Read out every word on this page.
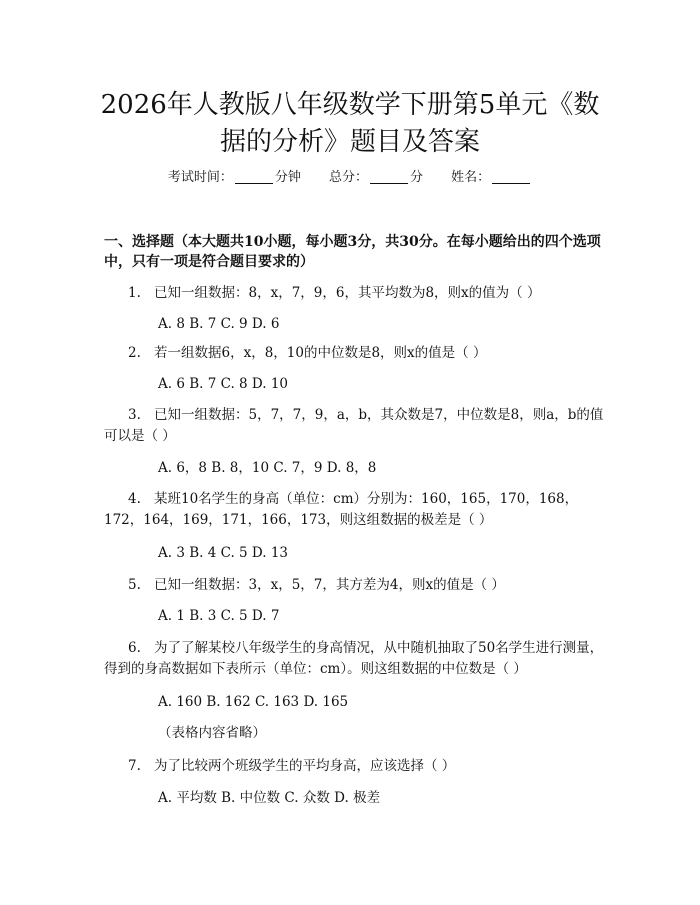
2026年人教版八年级数学下册第5单元《数
据的分析》题目及答案
考试时间：	分钟 总分：	分 姓名：
一、选择题（本大题共10小题，每小题3分，共30分。在每小题给出的四个选项中，只有一项是符合题目要求的）
1. 已知一组数据：8，x，7，9，6，其平均数为8，则x的值为（ ）
A. 8 B. 7 C. 9 D. 6
2. 若一组数据6，x，8，10的中位数是8，则x的值是（ ）
A. 6 B. 7 C. 8 D. 10
3. 已知一组数据：5，7，7，9，a，b，其众数是7，中位数是8，则a，b的值可以是（ ）
A. 6，8 B. 8，10 C. 7，9 D. 8，8
4. 某班10名学生的身高（单位：cm）分别为：160，165，170，168，172，164，169，171，166，173，则这组数据的极差是（ ）
A. 3 B. 4 C. 5 D. 13
5. 已知一组数据：3，x，5，7，其方差为4，则x的值是（ ）
A. 1 B. 3 C. 5 D. 7
6. 为了了解某校八年级学生的身高情况，从中随机抽取了50名学生进行测量，得到的身高数据如下表所示（单位：cm）。则这组数据的中位数是（ ）
A. 160 B. 162 C. 163 D. 165
（表格内容省略）
7. 为了比较两个班级学生的平均身高，应该选择（ ）
A. 平均数 B. 中位数 C. 众数 D. 极差
